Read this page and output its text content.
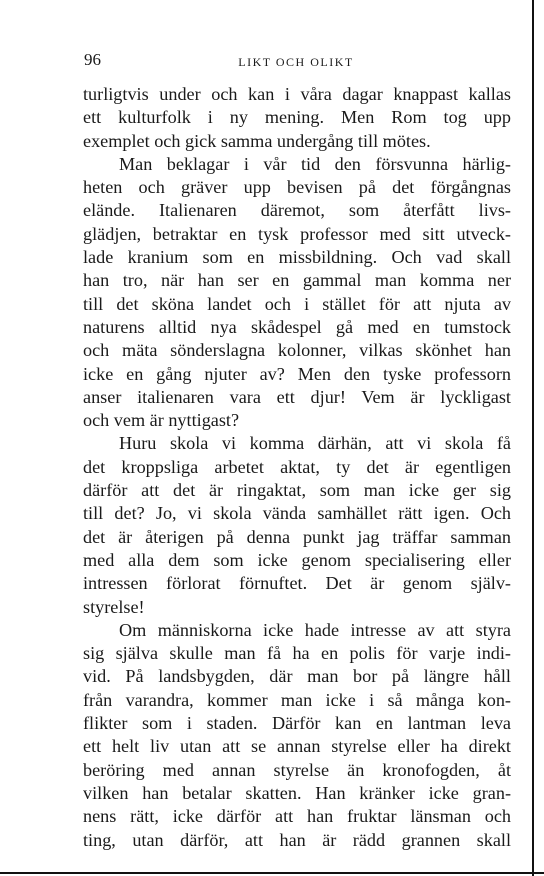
96	LIKT OCH OLIKT
turligtvis under och kan i våra dagar knappast kallas
ett kulturfolk i ny mening. Men Rom tog upp
exemplet och gick samma undergång till mötes.
Man beklagar i vår tid den försvunna härlig-
heten och gräver upp bevisen på det förgångnas
elände. Italienaren däremot, som återfått livs-
glädjen, betraktar en tysk professor med sitt utveck-
lade kranium som en missbildning. Och vad skall
han tro, när han ser en gammal man komma ner
till det sköna landet och i stället för att njuta av
naturens alltid nya skådespel gå med en tumstock
och mäta sönderslagna kolonner, vilkas skönhet han
icke en gång njuter av? Men den tyske professorn
anser italienaren vara ett djur! Vem är lyckligast
och vem är nyttigast?
Huru skola vi komma därhän, att vi skola få
det kroppsliga arbetet aktat, ty det är egentligen
därför att det är ringaktat, som man icke ger sig
till det? Jo, vi skola vända samhället rätt igen. Och
det är återigen på denna punkt jag träffar samman
med alla dem som icke genom specialisering eller
intressen förlorat förnuftet. Det är genom själv-
styrelse!
Om människorna icke hade intresse av att styra
sig själva skulle man få ha en polis för varje indi-
vid. På landsbygden, där man bor på längre håll
från varandra, kommer man icke i så många kon-
flikter som i staden. Därför kan en lantman leva
ett helt liv utan att se annan styrelse eller ha direkt
beröring med annan styrelse än kronofogden, åt
vilken han betalar skatten. Han kränker icke gran-
nens rätt, icke därför att han fruktar länsman och
ting, utan därför, att han är rädd grannen skall
